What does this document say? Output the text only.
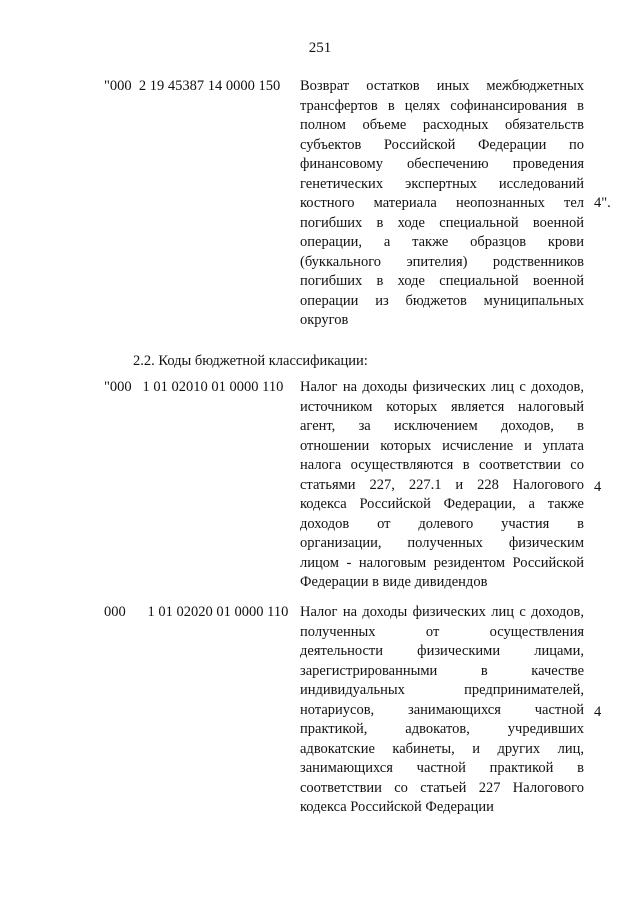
251
"000  2 19 45387 14 0000 150 Возврат остатков иных межбюджетных
трансфертов в целях софинансирования в
полном объеме расходных обязательств
субъектов Российской Федерации по
финансовому обеспечению проведения
генетических экспертных исследований
костного материала неопознанных тел
погибших в ходе специальной военной
операции, а также образцов крови
(буккального эпителия) родственников
погибших в ходе специальной военной
операции из бюджетов муниципальных
округов
4".
2.2. Коды бюджетной классификации:
"000   1 01 02010 01 0000 110 Налог на доходы физических лиц с доходов,
источником которых является налоговый
агент, за исключением доходов, в
отношении которых исчисление и уплата
налога осуществляются в соответствии со
статьями 227, 227.1 и 228 Налогового
кодекса Российской Федерации, а также
доходов от долевого участия в
организации, полученных физическим
лицом - налоговым резидентом Российской
Федерации в виде дивидендов
4
000      1 01 02020 01 0000 110 Налог на доходы физических лиц с доходов,
полученных от осуществления
деятельности физическими лицами,
зарегистрированными в качестве
индивидуальных предпринимателей,
нотариусов, занимающихся частной
практикой, адвокатов, учредивших
адвокатские кабинеты, и других лиц,
занимающихся частной практикой в
соответствии со статьей 227 Налогового
кодекса Российской Федерации
4
